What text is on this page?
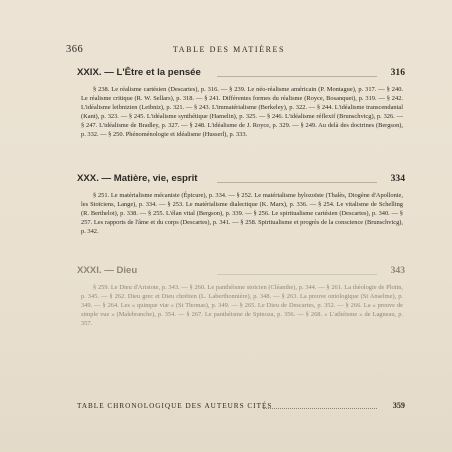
366	TABLE DES MATIÈRES
XXIX. — L'Être et la pensée	316

§ 238. Le réalisme cartésien (Descartes), p. 316. — § 239. Le néo-réalisme américain (P. Montague), p. 317. — § 240. Le réalisme critique (R. W. Sellars), p. 318. — § 241. Différentes formes du réalisme (Royce, Bosanquet), p. 319. — § 242. L'idéalisme leibnizien (Leibniz), p. 321. — § 243. L'immatérialisme (Berkeley), p. 322. — § 244. L'idéalisme transcendantal (Kant), p. 323. — § 245. L'idéalisme synthétique (Hamelin), p. 325. — § 246. L'idéalisme réflexif (Brunschvicg), p. 326. — § 247. L'idéalisme de Bradley, p. 327. — § 248. L'idéalisme de J. Royce, p. 329. — § 249. Au delà des doctrines (Bergson), p. 332. — § 250. Phénoménologie et idéalisme (Husserl), p. 333.

XXX. — Matière, vie, esprit	334

§ 251. Le matérialisme mécaniste (Épicure), p. 334. — § 252. Le matérialisme hylozoïste (Thalès, Diogène d'Apollonie, les Stoïciens, Lange), p. 334. — § 253. Le matérialisme dialectique (K. Marx), p. 336. — § 254. Le vitalisme de Schelling (R. Berthelot), p. 338. — § 255. L'élan vital (Bergson), p. 339. — § 256. Le spiritualisme cartésien (Descartes), p. 340. — § 257. Les rapports de l'âme et du corps (Descartes), p. 341. — § 258. Spiritualisme et progrès de la conscience (Brunschvicg), p. 342.

XXXI. — Dieu	343

§ 259. Le Dieu d'Aristote, p. 343. — § 260. Le panthéisme stoïcien (Cléanthe), p. 344. — § 261. La théologie de Plotin, p. 345. — § 262. Dieu grec et Dieu chrétien (L. Laberthonnière), p. 348. — § 263. La preuve ontologique (St Anselme), p. 349. — § 264. Les « quinque viæ » (St Thomas), p. 349. — § 265. Le Dieu de Descartes, p. 352. — § 266. La « preuve de simple vue » (Malebranche), p. 354. — § 267. Le panthéisme de Spinoza, p. 356. — § 268. « L'athéisme » de Lagneau, p. 357.

TABLE CHRONOLOGIQUE DES AUTEURS CITÉS	359
